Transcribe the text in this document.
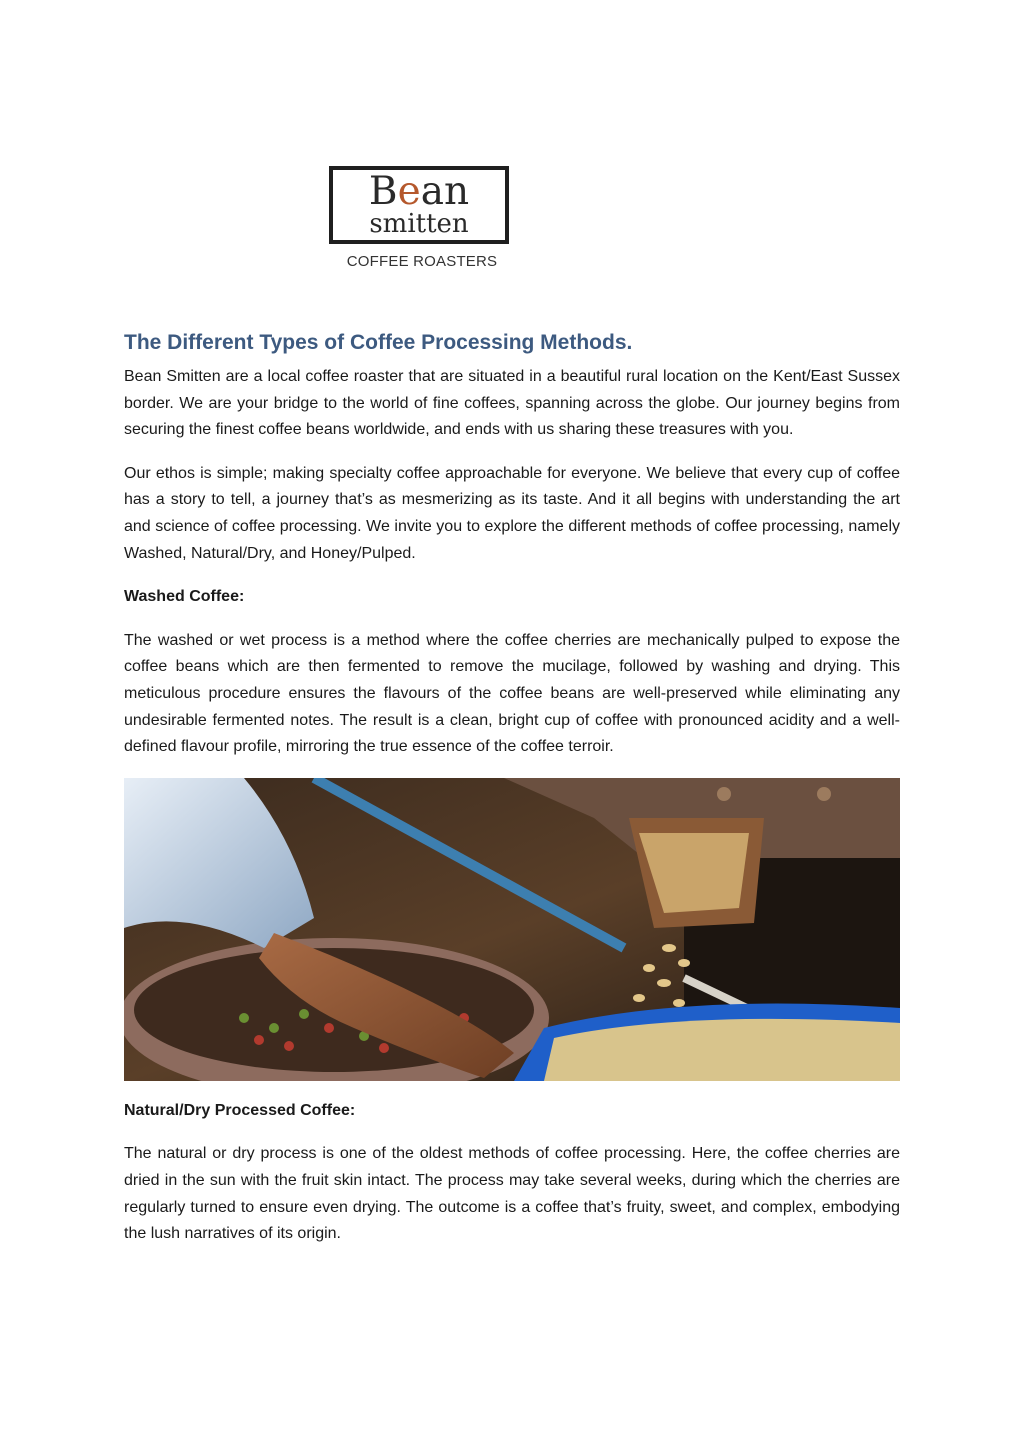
Bean
smitten
COFFEE ROASTERS
The Different Types of Coffee Processing Methods.

Bean Smitten are a local coffee roaster that are situated in a beautiful rural location on the Kent/East Sussex border. We are your bridge to the world of fine coffees, spanning across the globe. Our journey begins from securing the finest coffee beans worldwide, and ends with us sharing these treasures with you.

Our ethos is simple; making specialty coffee approachable for everyone. We believe that every cup of coffee has a story to tell, a journey that’s as mesmerizing as its taste. And it all begins with understanding the art and science of coffee processing. We invite you to explore the different methods of coffee processing, namely Washed, Natural/Dry, and Honey/Pulped.

Washed Coffee:

The washed or wet process is a method where the coffee cherries are mechanically pulped to expose the coffee beans which are then fermented to remove the mucilage, followed by washing and drying. This meticulous procedure ensures the flavours of the coffee beans are well-preserved while eliminating any undesirable fermented notes. The result is a clean, bright cup of coffee with pronounced acidity and a well-defined flavour profile, mirroring the true essence of the coffee terroir.

Natural/Dry Processed Coffee:

The natural or dry process is one of the oldest methods of coffee processing. Here, the coffee cherries are dried in the sun with the fruit skin intact. The process may take several weeks, during which the cherries are regularly turned to ensure even drying. The outcome is a coffee that’s fruity, sweet, and complex, embodying the lush narratives of its origin.
